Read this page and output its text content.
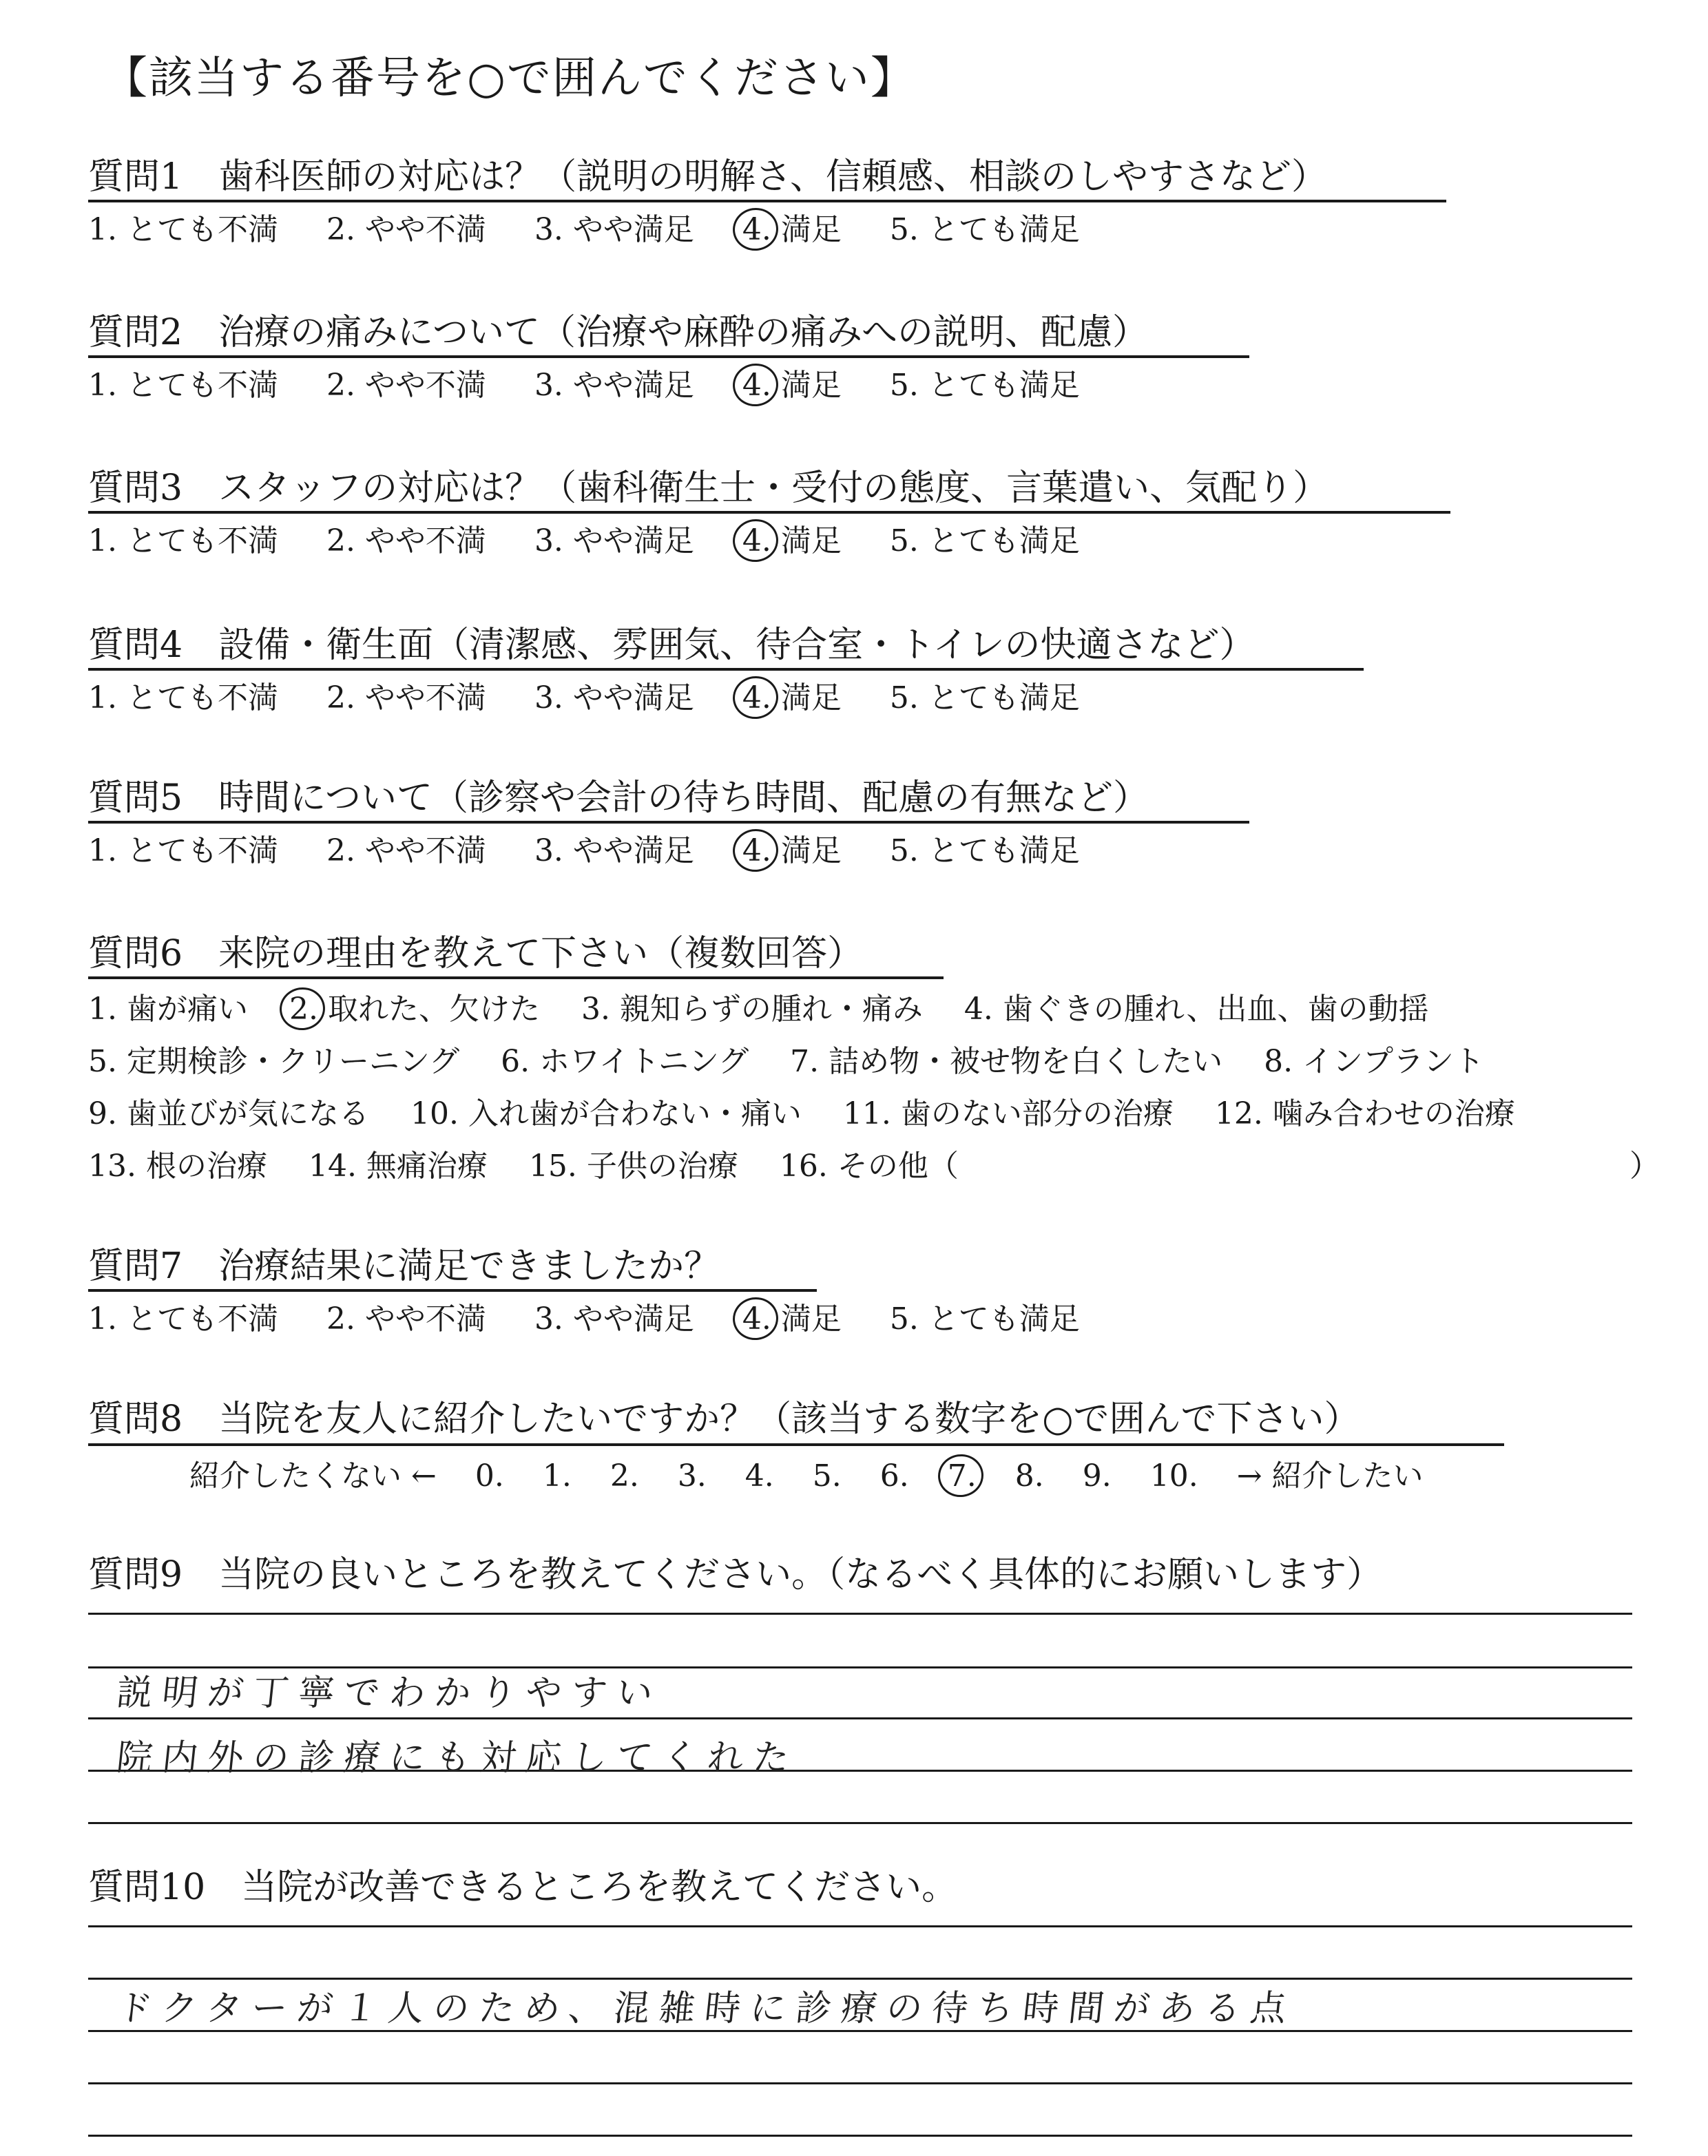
【該当する番号を○で囲んでください】
質問1　歯科医師の対応は？（説明の明解さ、信頼感、相談のしやすさなど）
1. とても不満 2. やや不満 3. やや満足 4. 満足 5. とても満足
質問2　治療の痛みについて（治療や麻酔の痛みへの説明、配慮）
1. とても不満 2. やや不満 3. やや満足 4. 満足 5. とても満足
質問3　スタッフの対応は？（歯科衛生士・受付の態度、言葉遣い、気配り）
1. とても不満 2. やや不満 3. やや満足 4. 満足 5. とても満足
質問4　設備・衛生面（清潔感、雰囲気、待合室・トイレの快適さなど）
1. とても不満 2. やや不満 3. やや満足 4. 満足 5. とても満足
質問5　時間について（診察や会計の待ち時間、配慮の有無など）
1. とても不満 2. やや不満 3. やや満足 4. 満足 5. とても満足
質問6　来院の理由を教えて下さい（複数回答）
1. 歯が痛い 2. 取れた、欠けた 3. 親知らずの腫れ・痛み 4. 歯ぐきの腫れ、出血、歯の動揺
5. 定期検診・クリーニング 6. ホワイトニング 7. 詰め物・被せ物を白くしたい 8. インプラント
9. 歯並びが気になる 10. 入れ歯が合わない・痛い 11. 歯のない部分の治療 12. 噛み合わせの治療
13. 根の治療 14. 無痛治療 15. 子供の治療 16. その他（	）
質問7　治療結果に満足できましたか？
1. とても不満 2. やや不満 3. やや満足 4. 満足 5. とても満足
質問8　当院を友人に紹介したいですか？（該当する数字を○で囲んで下さい）
紹介したくない ← 0. 1. 2. 3. 4. 5. 6. 7. 8. 9. 10. → 紹介したい
質問9　当院の良いところを教えてください。（なるべく具体的にお願いします）
説明が丁寧でわかりやすい
院内外の診療にも対応してくれた
質問10　当院が改善できるところを教えてください。
ドクターが１人のため、混雑時に診療の待ち時間がある点
